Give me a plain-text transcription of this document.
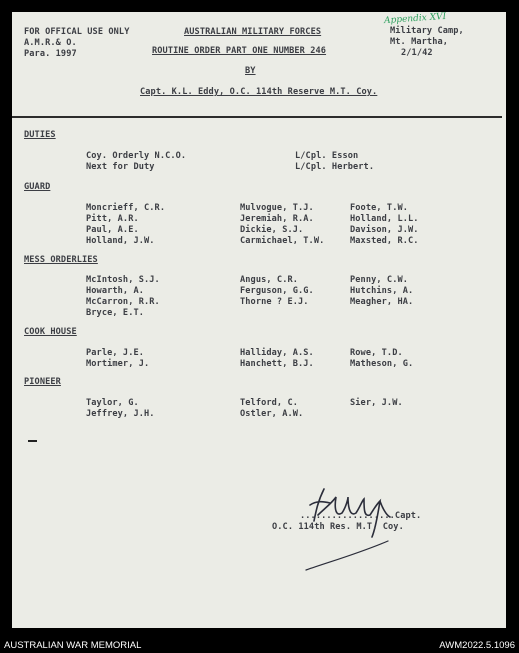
FOR OFFICAL USE ONLY
A.M.R.& O.
Para. 1997
AUSTRALIAN MILITARY FORCES
ROUTINE ORDER PART ONE NUMBER 246
BY
Capt. K.L. Eddy, O.C. 114th Reserve M.T. Coy.
Appendix XVI
Military Camp,
Mt. Martha,
2/1/42
DUTIES
Coy. Orderly N.C.O.	L/Cpl. Esson
Next for Duty	L/Cpl. Herbert.
GUARD
Moncrieff, C.R.	Mulvogue, T.J.	Foote, T.W.
Pitt, A.R.	Jeremiah, R.A.	Holland, L.L.
Paul, A.E.	Dickie, S.J.	Davison, J.W.
Holland, J.W.	Carmichael, T.W.	Maxsted, R.C.
MESS ORDERLIES
McIntosh, S.J.	Angus, C.R.	Penny, C.W.
Howarth, A.	Ferguson, G.G.	Hutchins, A.
McCarron, R.R.	Thorne ? E.J.	Meagher, HA.
Bryce, E.T.
COOK HOUSE
Parle, J.E.	Halliday, A.S.	Rowe, T.D.
Mortimer, J.	Hanchett, B.J.	Matheson, G.
PIONEER
Taylor, G.	Telford, C.	Sier, J.W.
Jeffrey, J.H.	Ostler, A.W.
..................Capt.
O.C. 114th Res. M.T. Coy.
AUSTRALIAN WAR MEMORIAL	AWM2022.5.1096
